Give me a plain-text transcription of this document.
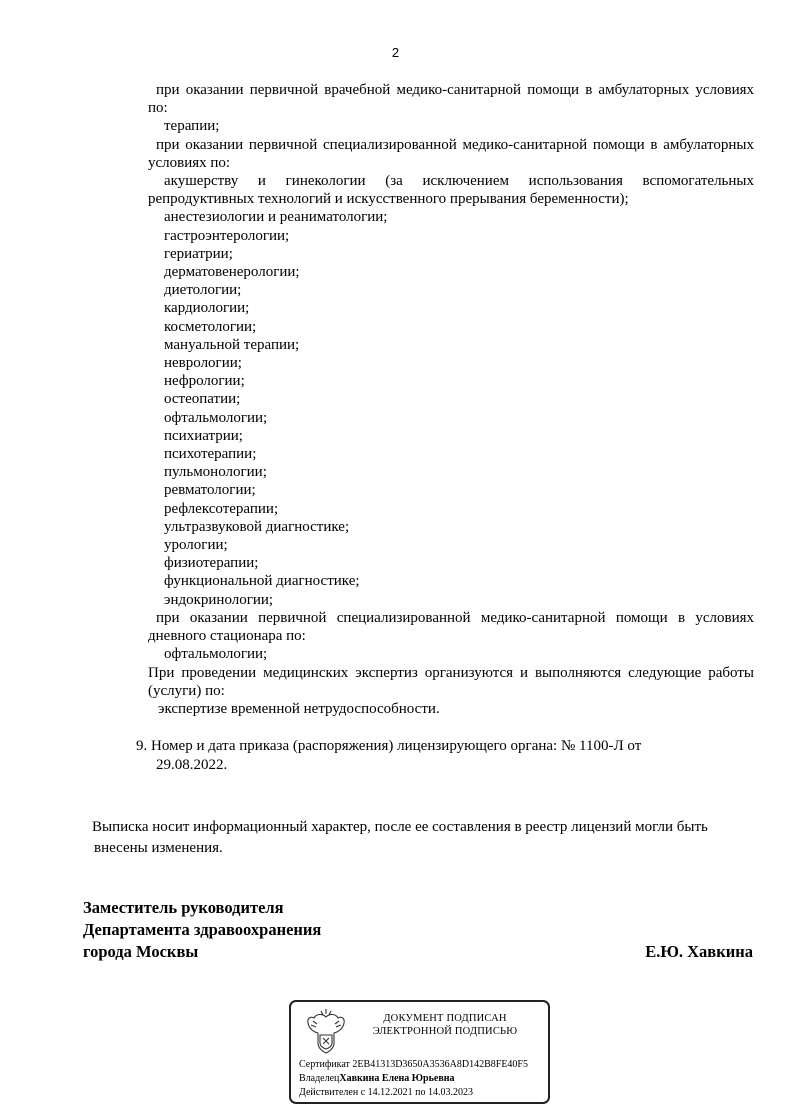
2

при оказании первичной врачебной медико-санитарной помощи в амбулаторных условиях по:

терапии;

при оказании первичной специализированной медико-санитарной помощи в амбулаторных условиях по:

акушерству и гинекологии (за исключением использования вспомогательных репродуктивных технологий и искусственного прерывания беременности);

анестезиологии и реаниматологии;
гастроэнтерологии;
гериатрии;
дерматовенерологии;
диетологии;
кардиологии;
косметологии;
мануальной терапии;
неврологии;
нефрологии;
остеопатии;
офтальмологии;
психиатрии;
психотерапии;
пульмонологии;
ревматологии;
рефлексотерапии;
ультразвуковой диагностике;
урологии;
физиотерапии;
функциональной диагностике;
эндокринологии;

при оказании первичной специализированной медико-санитарной помощи в условиях дневного стационара по:

офтальмологии;

При проведении медицинских экспертиз организуются и выполняются следующие работы (услуги) по:

экспертизе временной нетрудоспособности.
9. Номер и дата приказа (распоряжения) лицензирующего органа: № 1100-Л от
29.08.2022.
Выписка носит информационный характер, после ее составления в реестр лицензий могли быть
внесены изменения.
Заместитель руководителя
Департамента здравоохранения
города Москвы	Е.Ю. Хавкина
ДОКУМЕНТ ПОДПИСАН
ЭЛЕКТРОННОЙ ПОДПИСЬЮ
Сертификат 2EB41313D3650A3536A8D142B8FE40F5
ВладелецХавкина Елена Юрьевна
Действителен с 14.12.2021 по 14.03.2023
